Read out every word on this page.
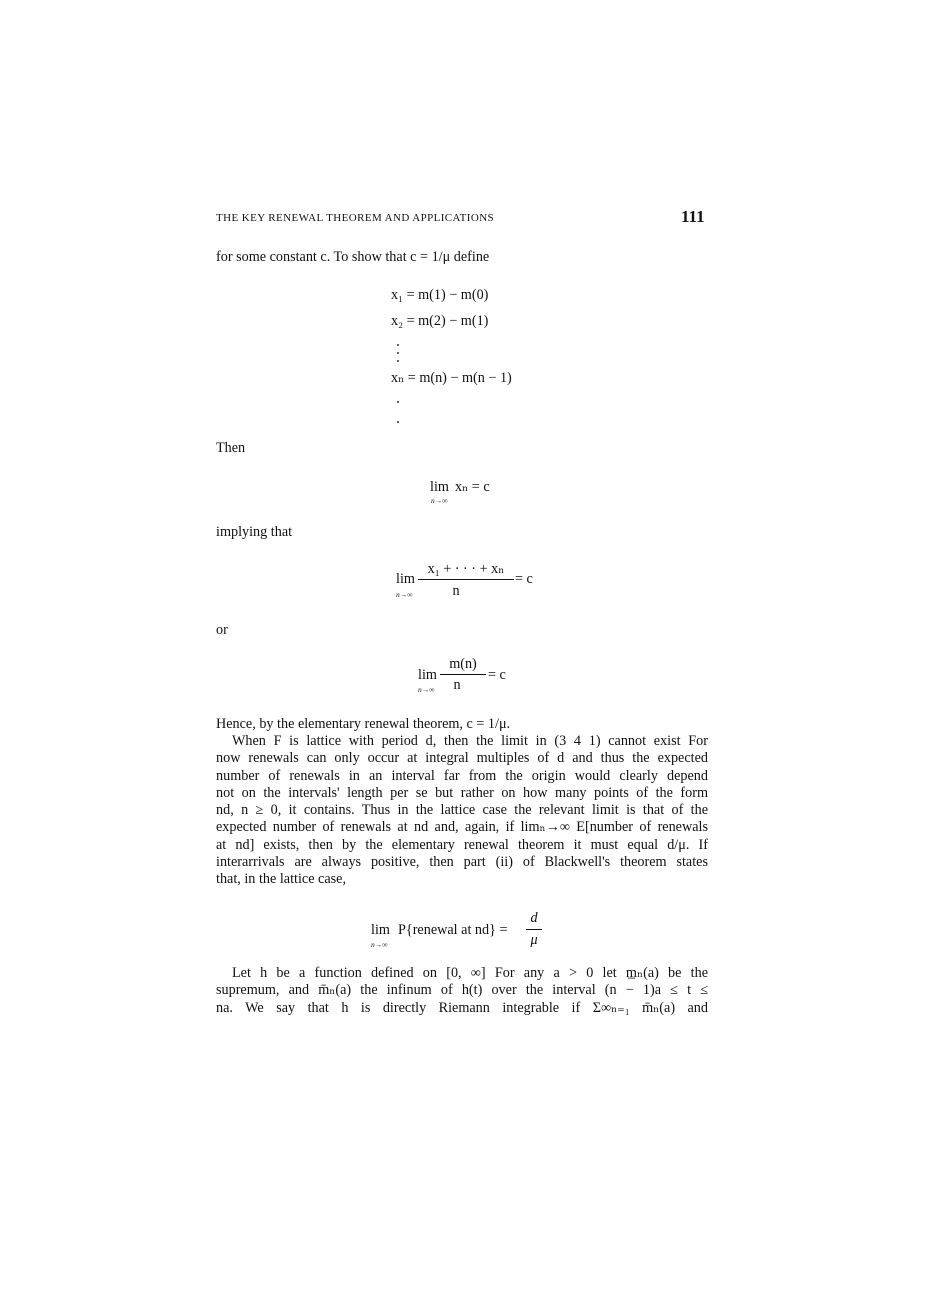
THE KEY RENEWAL THEOREM AND APPLICATIONS	111
for some constant c. To show that c = 1/μ define
x₁ = m(1) − m(0)
x₂ = m(2) − m(1)
xₙ = m(n) − m(n − 1)
Then
lim
n→∞
xₙ = c
implying that
lim
n→∞
x₁ + · · · + xₙ
n
= c
or
lim
n→∞
m(n)
n
= c
Hence, by the elementary renewal theorem, c = 1/μ.
When F is lattice with period d, then the limit in (3 4 1) cannot exist For
now renewals can only occur at integral multiples of d and thus the expected
number of renewals in an interval far from the origin would clearly depend
not on the intervals' length per se but rather on how many points of the form
nd, n ≥ 0, it contains. Thus in the lattice case the relevant limit is that of the
expected number of renewals at nd and, again, if limₙ→∞ E[number of renewals
at nd] exists, then by the elementary renewal theorem it must equal d/μ. If
interarrivals are always positive, then part (ii) of Blackwell's theorem states
that, in the lattice case,
lim
n→∞
P{renewal at nd} =
d
μ
Let h be a function defined on [0, ∞] For any a > 0 let m̲ₙ(a) be the
supremum, and m̄ₙ(a) the infinum of h(t) over the interval (n − 1)a ≤ t ≤
na. We say that h is directly Riemann integrable if Σ∞ₙ₌₁ m̄ₙ(a) and
